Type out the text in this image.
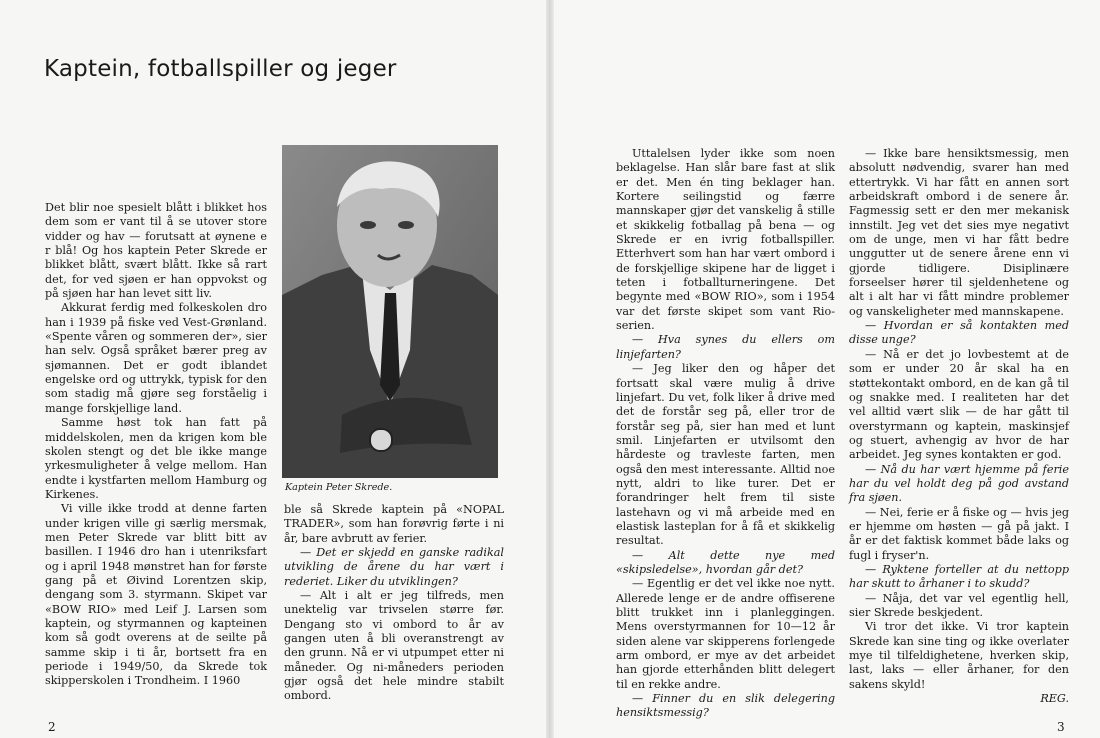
Kaptein, fotballspiller og jeger
Kaptein Peter Skrede.

Det blir noe spesielt blått i blikket hos dem som er vant til å se utover store vidder og hav — forutsatt at øynene e r blå! Og hos kaptein Peter Skrede er blikket blått, svært blått. Ikke så rart det, for ved sjøen er han oppvokst og på sjøen har han levet sitt liv.

Akkurat ferdig med folkeskolen dro han i 1939 på fiske ved Vest-Grønland. «Spente våren og sommeren der», sier han selv. Også språket bærer preg av sjømannen. Det er godt iblandet engelske ord og uttrykk, typisk for den som stadig må gjøre seg forståelig i mange forskjellige land.

Samme høst tok han fatt på middelskolen, men da krigen kom ble skolen stengt og det ble ikke mange yrkesmuligheter å velge mellom. Han endte i kystfarten mellom Hamburg og Kirkenes.

Vi ville ikke trodd at denne farten under krigen ville gi særlig mersmak, men Peter Skrede var blitt bitt av basillen. I 1946 dro han i utenriksfart og i april 1948 mønstret han for første gang på et Øivind Lorentzen skip, dengang som 3. styrmann. Skipet var «BOW RIO» med Leif J. Larsen som kaptein, og styrmannen og kapteinen kom så godt overens at de seilte på samme skip i ti år, bortsett fra en periode i 1949/50, da Skrede tok skipperskolen i Trondheim. I 1960

ble så Skrede kaptein på «NOPAL TRADER», som han forøvrig førte i ni år, bare avbrutt av ferier.

— Det er skjedd en ganske radikal utvikling de årene du har vært i rederiet. Liker du utviklingen?

— Alt i alt er jeg tilfreds, men unektelig var trivselen større før. Dengang sto vi ombord to år av gangen uten å bli overanstrengt av den grunn. Nå er vi utpumpet etter ni måneder. Og ni-måneders perioden gjør også det hele mindre stabilt ombord.

Uttalelsen lyder ikke som noen beklagelse. Han slår bare fast at slik er det. Men én ting beklager han. Kortere seilingstid og færre mannskaper gjør det vanskelig å stille et skikkelig fotballag på bena — og Skrede er en ivrig fotballspiller. Etterhvert som han har vært ombord i de forskjellige skipene har de ligget i teten i fotballturneringene. Det begynte med «BOW RIO», som i 1954 var det første skipet som vant Rio-serien.

— Hva synes du ellers om linjefarten?

— Jeg liker den og håper det fortsatt skal være mulig å drive linjefart. Du vet, folk liker å drive med det de forstår seg på, eller tror de forstår seg på, sier han med et lunt smil. Linjefarten er utvilsomt den hårdeste og travleste farten, men også den mest interessante. Alltid noe nytt, aldri to like turer. Det er forandringer helt frem til siste lastehavn og vi må arbeide med en elastisk lasteplan for å få et skikkelig resultat.

— Alt dette nye med «skipsledelse», hvordan går det?

— Egentlig er det vel ikke noe nytt. Allerede lenge er de andre offiserene blitt trukket inn i planleggingen. Mens overstyrmannen for 10—12 år siden alene var skipperens forlengede arm ombord, er mye av det arbeidet han gjorde etterhånden blitt delegert til en rekke andre.

— Finner du en slik delegering hensiktsmessig?

— Ikke bare hensiktsmessig, men absolutt nødvendig, svarer han med ettertrykk. Vi har fått en annen sort arbeidskraft ombord i de senere år. Fagmessig sett er den mer mekanisk innstilt. Jeg vet det sies mye negativt om de unge, men vi har fått bedre unggutter ut de senere årene enn vi gjorde tidligere. Disiplinære forseelser hører til sjeldenhetene og alt i alt har vi fått mindre problemer og vanskeligheter med mannskapene.

— Hvordan er så kontakten med disse unge?

— Nå er det jo lovbestemt at de som er under 20 år skal ha en støttekontakt ombord, en de kan gå til og snakke med. I realiteten har det vel alltid vært slik — de har gått til overstyrmann og kaptein, maskinsjef og stuert, avhengig av hvor de har arbeidet. Jeg synes kontakten er god.

— Nå du har vært hjemme på ferie har du vel holdt deg på god avstand fra sjøen.

— Nei, ferie er å fiske og — hvis jeg er hjemme om høsten — gå på jakt. I år er det faktisk kommet både laks og fugl i fryser'n.

— Ryktene forteller at du nettopp har skutt to århaner i to skudd?

— Nåja, det var vel egentlig hell, sier Skrede beskjedent.

Vi tror det ikke. Vi tror kaptein Skrede kan sine ting og ikke overlater mye til tilfeldighetene, hverken skip, last, laks — eller århaner, for den sakens skyld!

REG.

2	3
